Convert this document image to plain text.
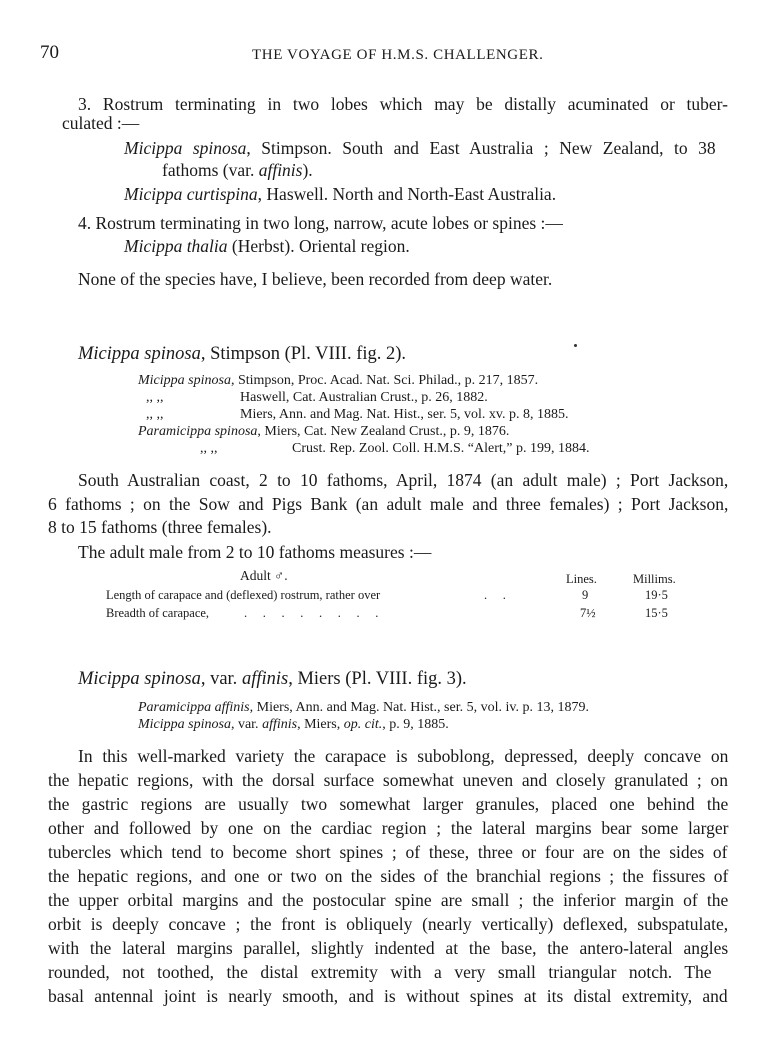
70	THE VOYAGE OF H.M.S. CHALLENGER.
3. Rostrum terminating in two lobes which may be distally acuminated or tuber-
culated :—
Micippa spinosa, Stimpson. South and East Australia ; New Zealand, to 38
fathoms (var. affinis).
Micippa curtispina, Haswell. North and North-East Australia.
4. Rostrum terminating in two long, narrow, acute lobes or spines :—
Micippa thalia (Herbst). Oriental region.
None of the species have, I believe, been recorded from deep water.
Micippa spinosa, Stimpson (Pl. VIII. fig. 2).
Micippa spinosa, Stimpson, Proc. Acad. Nat. Sci. Philad., p. 217, 1857.
,, ,,	Haswell, Cat. Australian Crust., p. 26, 1882.
,, ,,	Miers, Ann. and Mag. Nat. Hist., ser. 5, vol. xv. p. 8, 1885.
Paramicippa spinosa, Miers, Cat. New Zealand Crust., p. 9, 1876.
,, ,,	Crust. Rep. Zool. Coll. H.M.S. “Alert,” p. 199, 1884.
South Australian coast, 2 to 10 fathoms, April, 1874 (an adult male) ; Port Jackson,
6 fathoms ; on the Sow and Pigs Bank (an adult male and three females) ; Port Jackson,
8 to 15 fathoms (three females).
The adult male from 2 to 10 fathoms measures :—
Adult ♂.	Lines.	Millims.
Length of carapace and (deflexed) rostrum, rather over	.     .	9	19·5
Breadth of carapace,	.     .     .     .     .     .     .     .	7½	15·5
Micippa spinosa, var. affinis, Miers (Pl. VIII. fig. 3).
Paramicippa affinis, Miers, Ann. and Mag. Nat. Hist., ser. 5, vol. iv. p. 13, 1879.
Micippa spinosa, var. affinis, Miers, op. cit., p. 9, 1885.
In this well-marked variety the carapace is suboblong, depressed, deeply concave on
the hepatic regions, with the dorsal surface somewhat uneven and closely granulated ; on
the gastric regions are usually two somewhat larger granules, placed one behind the
other and followed by one on the cardiac region ; the lateral margins bear some larger
tubercles which tend to become short spines ; of these, three or four are on the sides of
the hepatic regions, and one or two on the sides of the branchial regions ; the fissures of
the upper orbital margins and the postocular spine are small ; the inferior margin of the
orbit is deeply concave ; the front is obliquely (nearly vertically) deflexed, subspatulate,
with the lateral margins parallel, slightly indented at the base, the antero-lateral angles
rounded, not toothed, the distal extremity with a very small triangular notch. The
basal antennal joint is nearly smooth, and is without spines at its distal extremity, and
